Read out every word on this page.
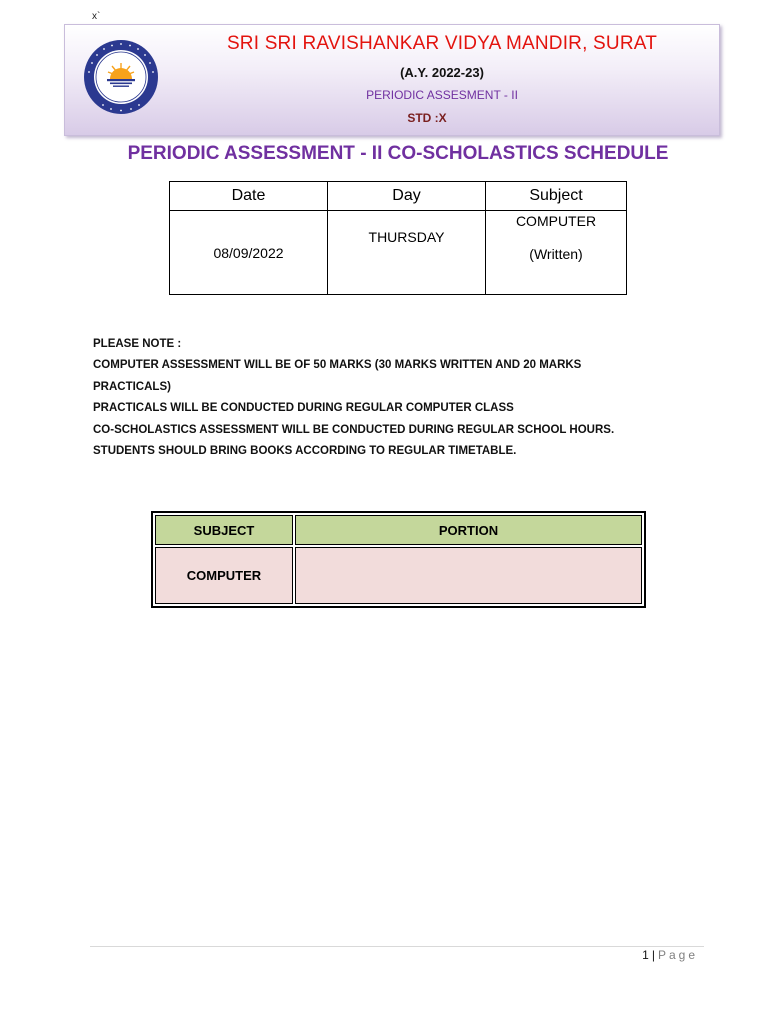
x`
SRI SRI RAVISHANKAR VIDYA MANDIR, SURAT
(A.Y. 2022-23)
PERIODIC ASSESMENT - II
STD :X
PERIODIC ASSESSMENT - II CO-SCHOLASTICS SCHEDULE
Date	Day	Subject
08/09/2022	THURSDAY	COMPUTER
(Written)
PLEASE NOTE :
COMPUTER ASSESSMENT WILL BE OF 50 MARKS (30 MARKS WRITTEN AND 20 MARKS
PRACTICALS)
PRACTICALS WILL BE CONDUCTED DURING REGULAR COMPUTER CLASS
CO-SCHOLASTICS ASSESSMENT WILL BE CONDUCTED DURING REGULAR SCHOOL HOURS.
STUDENTS SHOULD BRING BOOKS ACCORDING TO REGULAR TIMETABLE.
SUBJECT	PORTION
COMPUTER	
1 | Page
